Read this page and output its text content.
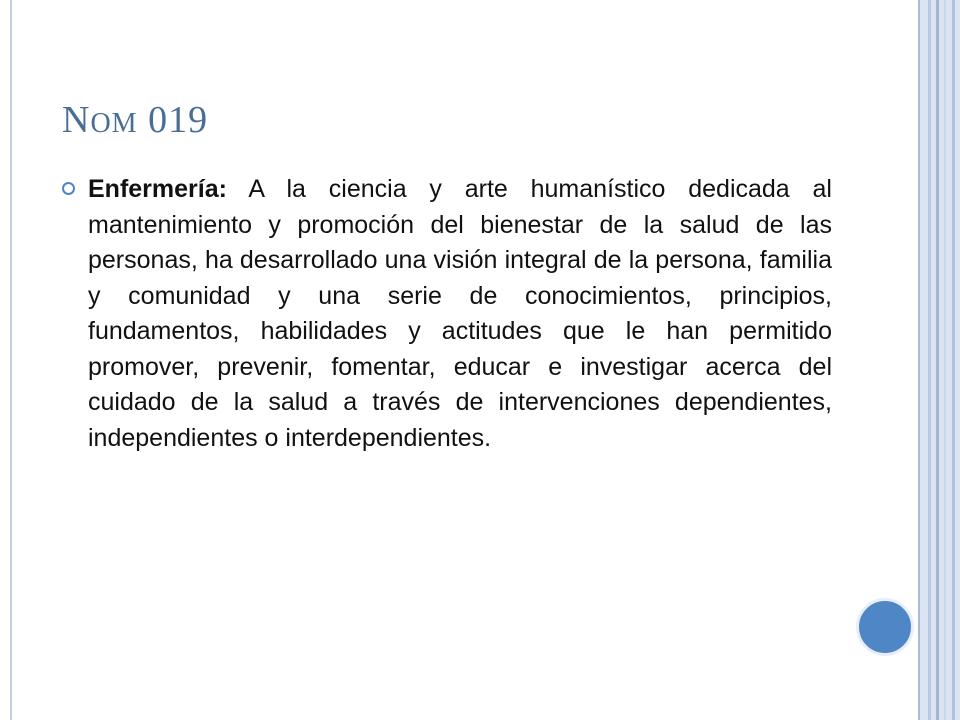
NOM 019
Enfermería: A la ciencia y arte humanístico dedicada al mantenimiento y promoción del bienestar de la salud de las personas, ha desarrollado una visión integral de la persona, familia y comunidad y una serie de conocimientos, principios, fundamentos, habilidades y actitudes que le han permitido promover, prevenir, fomentar, educar e investigar acerca del cuidado de la salud a través de intervenciones dependientes, independientes o interdependientes.
